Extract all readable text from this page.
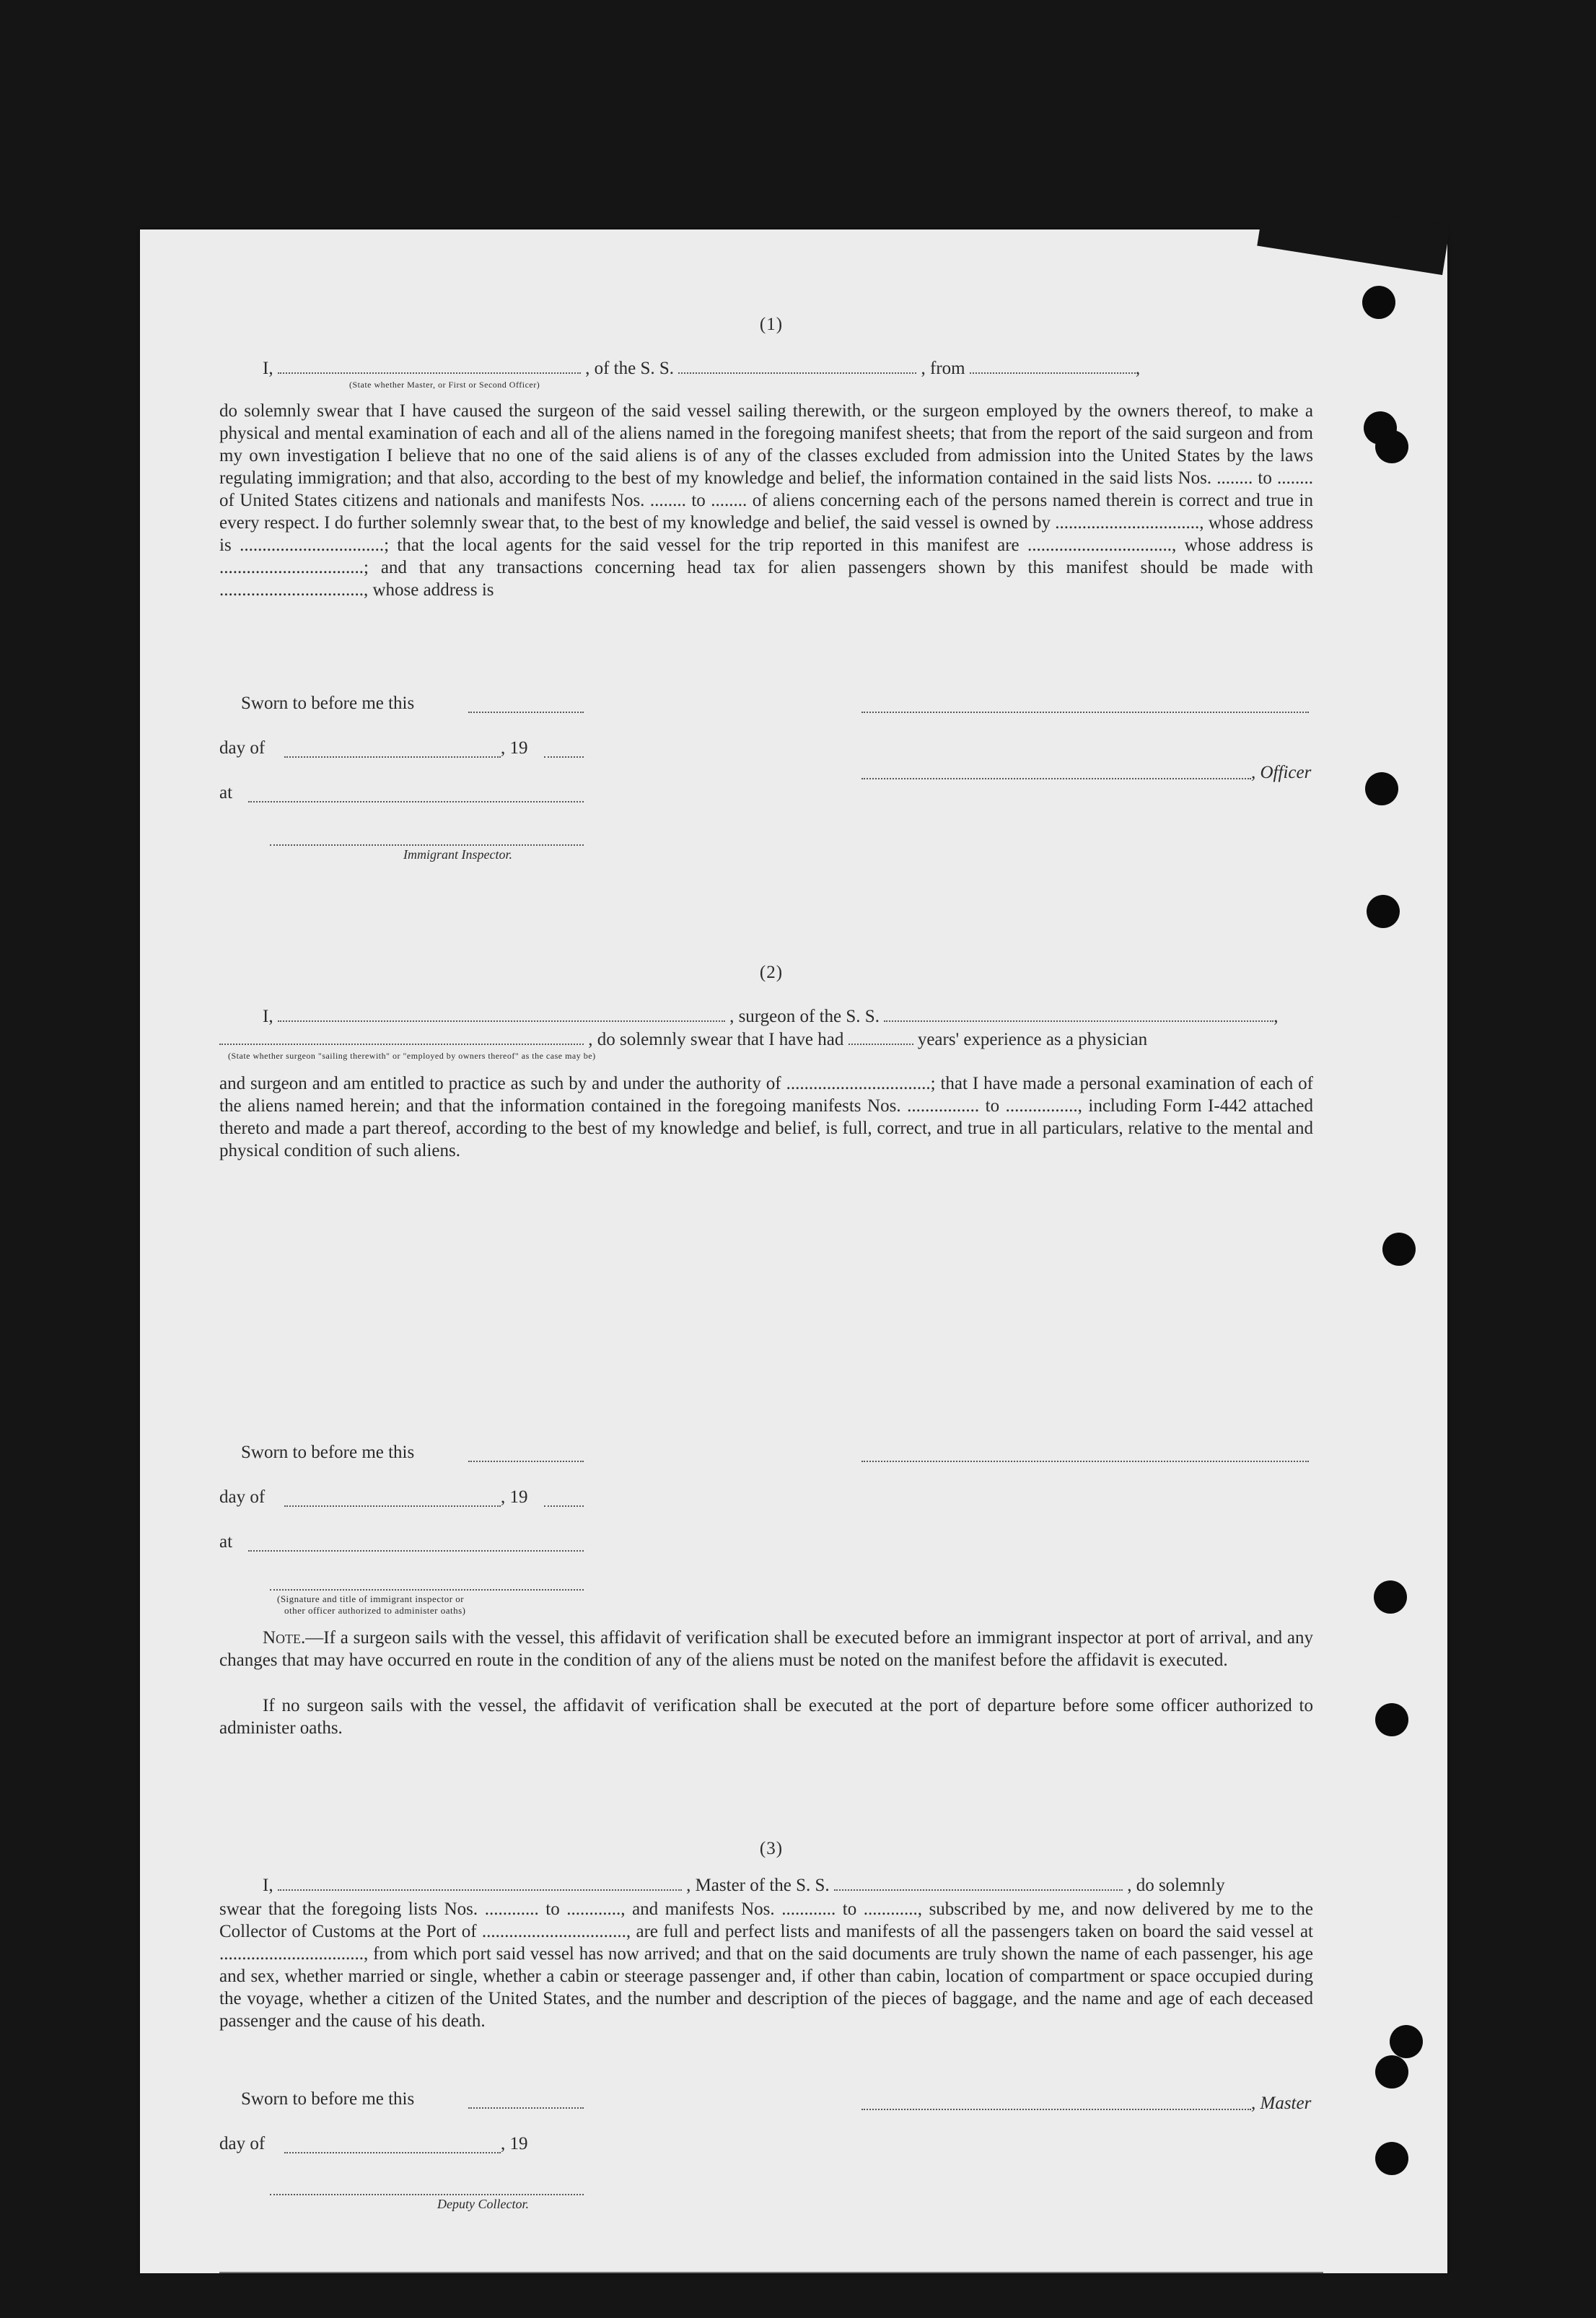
(1)
I,	, of the S. S.	, from	,
(State whether Master, or First or Second Officer)
do solemnly swear that I have caused the surgeon of the said vessel sailing therewith, or the surgeon employed by the owners thereof, to make a physical and mental examination of each and all of the aliens named in the foregoing manifest sheets; that from the report of the said surgeon and from my own investigation I believe that no one of the said aliens is of any of the classes excluded from admission into the United States by the laws regulating immigration; and that also, according to the best of my knowledge and belief, the information contained in the said lists Nos. ........ to ........ of United States citizens and nationals and manifests Nos. ........ to ........ of aliens concerning each of the persons named therein is correct and true in every respect. I do further solemnly swear that, to the best of my knowledge and belief, the said vessel is owned by ................................, whose address is ................................; that the local agents for the said vessel for the trip reported in this manifest are ................................, whose address is ................................; and that any transactions concerning head tax for alien passengers shown by this manifest should be made with ................................, whose address is
Sworn to before me this
day of	, 19
, Officer
at
Immigrant Inspector.
(2)
I,	, surgeon of the S. S.	,
, do solemnly swear that I have had	years' experience as a physician
(State whether surgeon "sailing therewith" or "employed by owners thereof" as the case may be)
and surgeon and am entitled to practice as such by and under the authority of ................................; that I have made a personal examination of each of the aliens named herein; and that the information contained in the foregoing manifests Nos. ................ to ................, including Form I-442 attached thereto and made a part thereof, according to the best of my knowledge and belief, is full, correct, and true in all particulars, relative to the mental and physical condition of such aliens.
Sworn to before me this
day of	, 19
at
(Signature and title of immigrant inspector or
other officer authorized to administer oaths)
Note.—If a surgeon sails with the vessel, this affidavit of verification shall be executed before an immigrant inspector at port of arrival, and any changes that may have occurred en route in the condition of any of the aliens must be noted on the manifest before the affidavit is executed.
If no surgeon sails with the vessel, the affidavit of verification shall be executed at the port of departure before some officer authorized to administer oaths.
(3)
I,	, Master of the S. S.	, do solemnly
swear that the foregoing lists Nos. ............ to ............, and manifests Nos. ............ to ............, subscribed by me, and now delivered by me to the Collector of Customs at the Port of ................................, are full and perfect lists and manifests of all the passengers taken on board the said vessel at ................................, from which port said vessel has now arrived; and that on the said documents are truly shown the name of each passenger, his age and sex, whether married or single, whether a cabin or steerage passenger and, if other than cabin, location of compartment or space occupied during the voyage, whether a citizen of the United States, and the number and description of the pieces of baggage, and the name and age of each deceased passenger and the cause of his death.
Sworn to before me this	, Master
day of	, 19
Deputy Collector.
